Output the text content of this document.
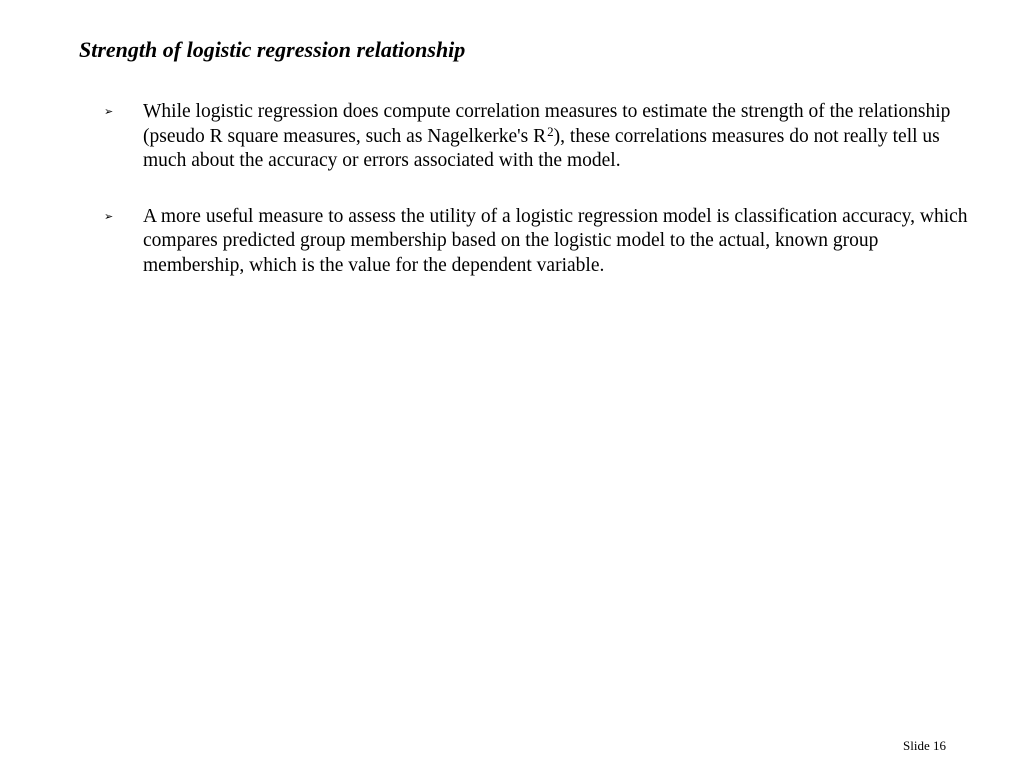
Strength of logistic regression relationship
➢ While logistic regression does compute correlation measures to estimate the strength of the relationship (pseudo R square measures, such as Nagelkerke's $R^2$), these correlations measures do not really tell us much about the accuracy or errors associated with the model.
➢ A more useful measure to assess the utility of a logistic regression model is classification accuracy, which compares predicted group membership based on the logistic model to the actual, known group membership, which is the value for the dependent variable.
Slide 16
